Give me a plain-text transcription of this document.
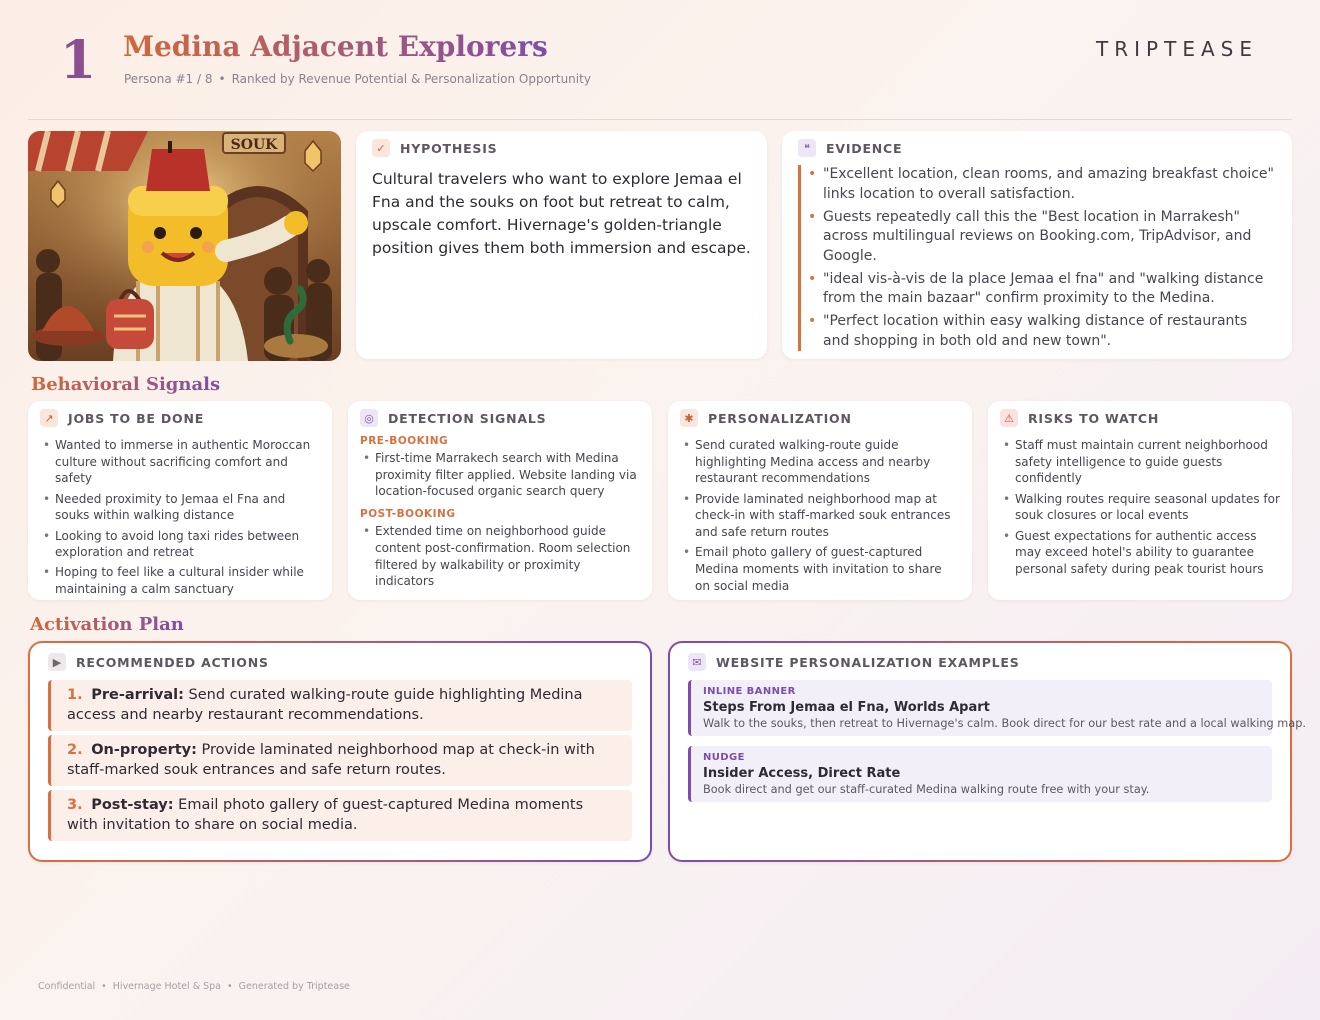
1 Medina Adjacent Explorers
Persona #1 / 8 • Ranked by Revenue Potential & Personalization Opportunity
TRIPTEASE
SOUK	✓	HYPOTHESIS

Cultural travelers who want to explore Jemaa el Fna and the souks on foot but retreat to calm, upscale comfort. Hivernage's golden-triangle position gives them both immersion and escape.

❝	EVIDENCE
• "Excellent location, clean rooms, and amazing breakfast choice" links location to overall satisfaction.
• Guests repeatedly call this the "Best location in Marrakesh" across multilingual reviews on Booking.com, TripAdvisor, and Google.
• "ideal vis-à-vis de la place Jemaa el fna" and "walking distance from the main bazaar" confirm proximity to the Medina.
• "Perfect location within easy walking distance of restaurants and shopping in both old and new town".
Behavioral Signals
↗	JOBS TO BE DONE
• Wanted to immerse in authentic Moroccan culture without sacrificing comfort and safety
• Needed proximity to Jemaa el Fna and souks within walking distance
• Looking to avoid long taxi rides between exploration and retreat
• Hoping to feel like a cultural insider while maintaining a calm sanctuary
◎	DETECTION SIGNALS
PRE-BOOKING
• First-time Marrakech search with Medina proximity filter applied. Website landing via location-focused organic search query
POST-BOOKING
• Extended time on neighborhood guide content post-confirmation. Room selection filtered by walkability or proximity indicators
✱	PERSONALIZATION
• Send curated walking-route guide highlighting Medina access and nearby restaurant recommendations
• Provide laminated neighborhood map at check-in with staff-marked souk entrances and safe return routes
• Email photo gallery of guest-captured Medina moments with invitation to share on social media
⚠	RISKS TO WATCH
• Staff must maintain current neighborhood safety intelligence to guide guests confidently
• Walking routes require seasonal updates for souk closures or local events
• Guest expectations for authentic access may exceed hotel's ability to guarantee personal safety during peak tourist hours
Activation Plan
▶	RECOMMENDED ACTIONS
1. Pre-arrival: Send curated walking-route guide highlighting Medina access and nearby restaurant recommendations.
2. On-property: Provide laminated neighborhood map at check-in with staff-marked souk entrances and safe return routes.
3. Post-stay: Email photo gallery of guest-captured Medina moments with invitation to share on social media.
✉	WEBSITE PERSONALIZATION EXAMPLES
INLINE BANNER
Steps From Jemaa el Fna, Worlds Apart
Walk to the souks, then retreat to Hivernage's calm. Book direct for our best rate and a local walking map.
NUDGE
Insider Access, Direct Rate
Book direct and get our staff-curated Medina walking route free with your stay.
Confidential • Hivernage Hotel & Spa • Generated by Triptease
